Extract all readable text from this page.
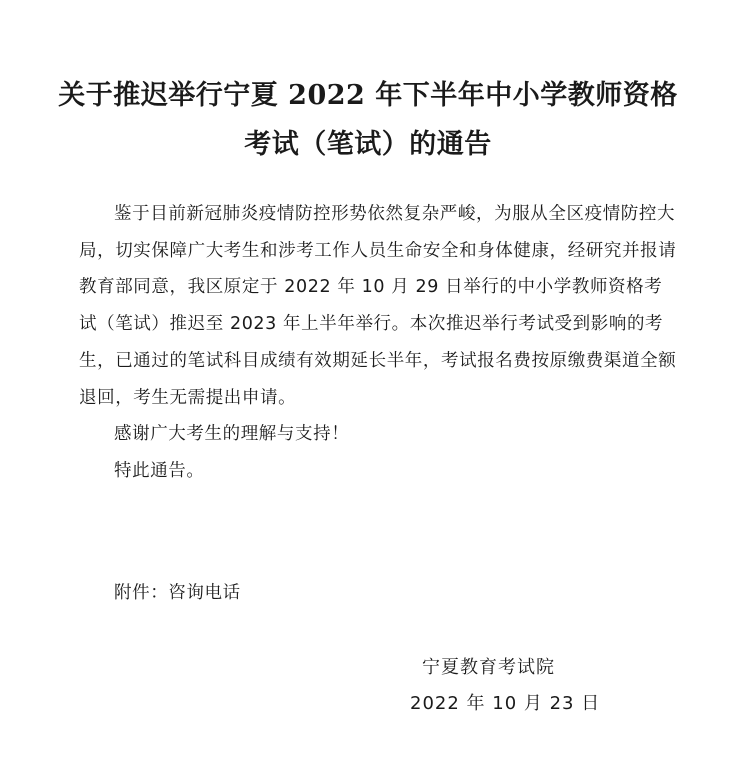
关于推迟举行宁夏 2022 年下半年中小学教师资格
考试（笔试）的通告

鉴于目前新冠肺炎疫情防控形势依然复杂严峻，为服从全区疫情防控大局，切实保障广大考生和涉考工作人员生命安全和身体健康，经研究并报请教育部同意，我区原定于 2022 年 10 月 29 日举行的中小学教师资格考试（笔试）推迟至 2023 年上半年举行。本次推迟举行考试受到影响的考生，已通过的笔试科目成绩有效期延长半年，考试报名费按原缴费渠道全额退回，考生无需提出申请。

感谢广大考生的理解与支持！

特此通告。

附件：咨询电话
宁夏教育考试院
2022 年 10 月 23 日
